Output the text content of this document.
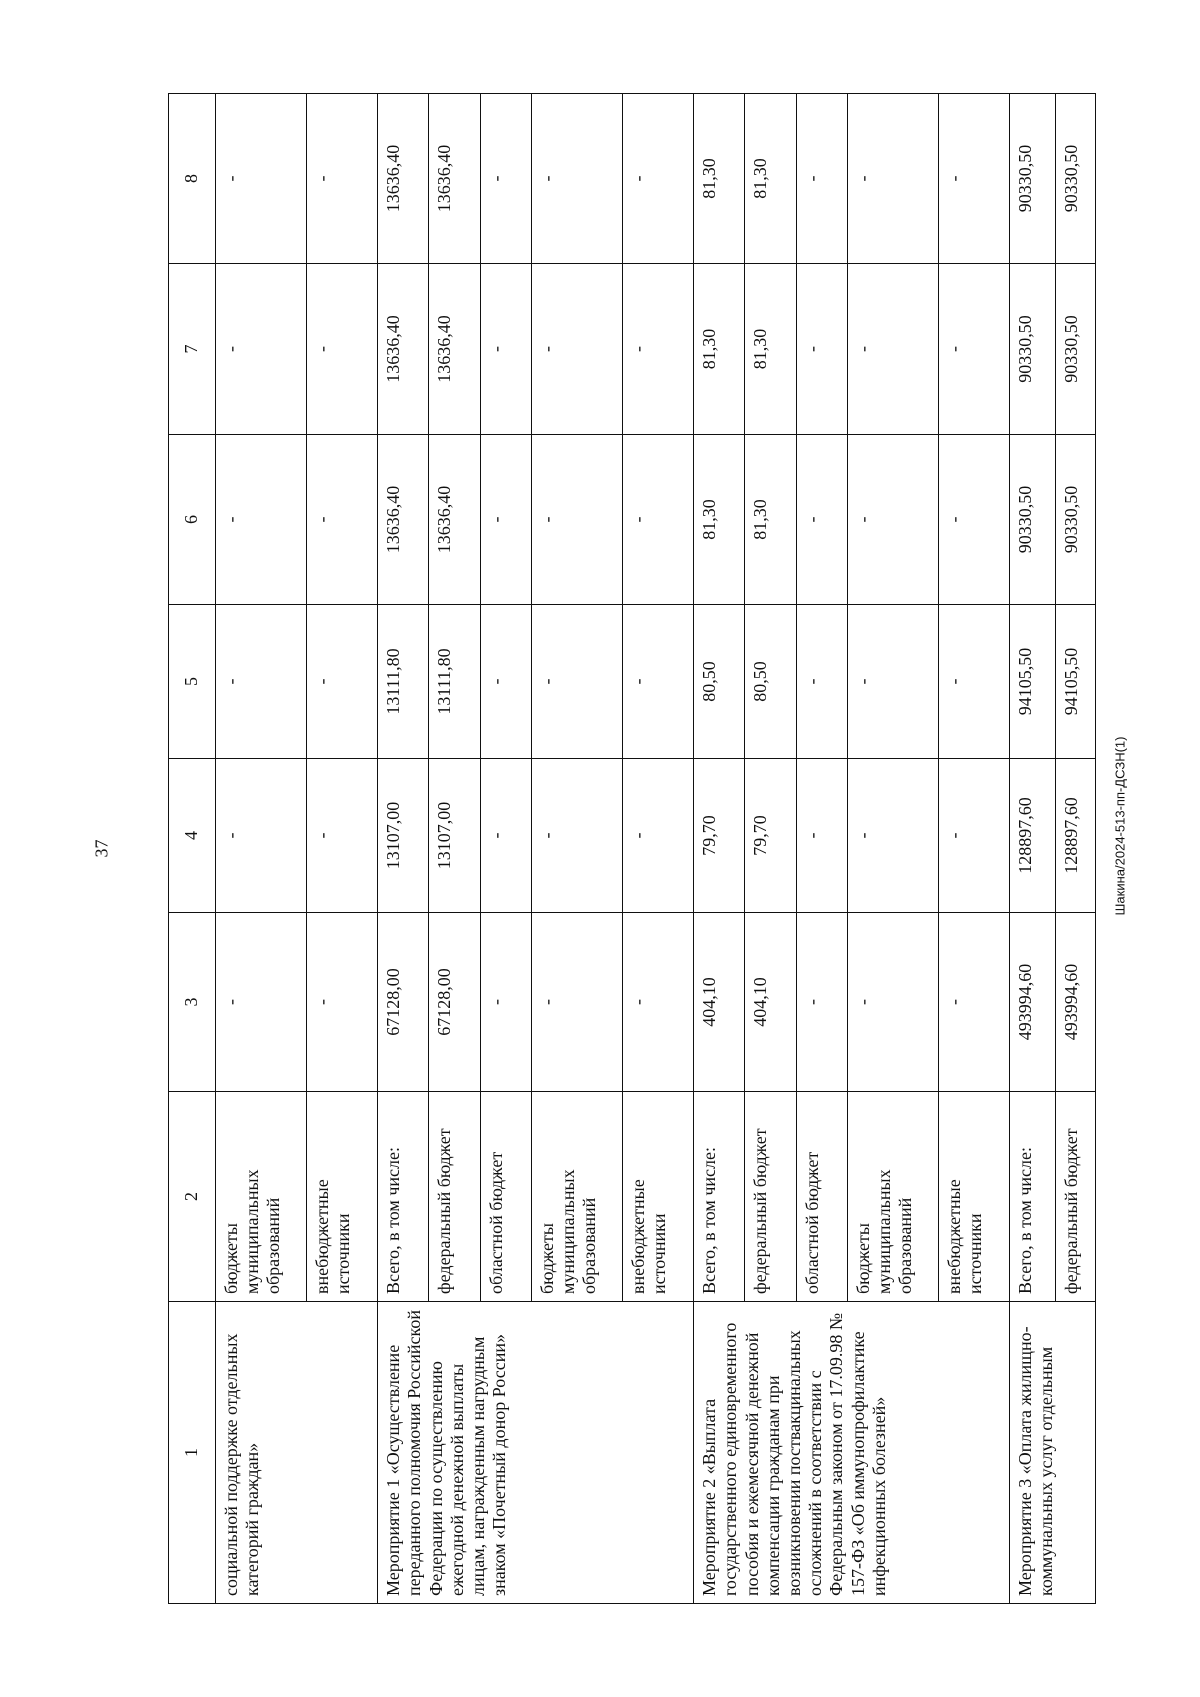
37
1	2	3	4	5	6	7	8
социальной поддержке отдельных категорий граждан»	бюджеты муниципальных образований	-	-	-	-	-	-
	внебюджетные источники	-	-	-	-	-	-
Мероприятие 1 «Осуществление переданного полномочия Российской Федерации по осуществлению ежегодной денежной выплаты лицам, награжденным нагрудным знаком «Почетный донор России»	Всего, в том числе:	67128,00	13107,00	13111,80	13636,40	13636,40	13636,40
	федеральный бюджет	67128,00	13107,00	13111,80	13636,40	13636,40	13636,40
	областной бюджет	-	-	-	-	-	-
	бюджеты муниципальных образований	-	-	-	-	-	-
	внебюджетные источники	-	-	-	-	-	-
Мероприятие 2 «Выплата государственного единовременного пособия и ежемесячной денежной компенсации гражданам при возникновении поствакцинальных осложнений в соответствии с Федеральным законом от 17.09.98 № 157-ФЗ «Об иммунопрофилактике инфекционных болезней»	Всего, в том числе:	404,10	79,70	80,50	81,30	81,30	81,30
	федеральный бюджет	404,10	79,70	80,50	81,30	81,30	81,30
	областной бюджет	-	-	-	-	-	-
	бюджеты муниципальных образований	-	-	-	-	-	-
	внебюджетные источники	-	-	-	-	-	-
Мероприятие 3 «Оплата жилищно-коммунальных услуг отдельным	Всего, в том числе:	493994,60	128897,60	94105,50	90330,50	90330,50	90330,50
	федеральный бюджет	493994,60	128897,60	94105,50	90330,50	90330,50	90330,50
Шакина/2024-513-пп-ДСЗН(1)
